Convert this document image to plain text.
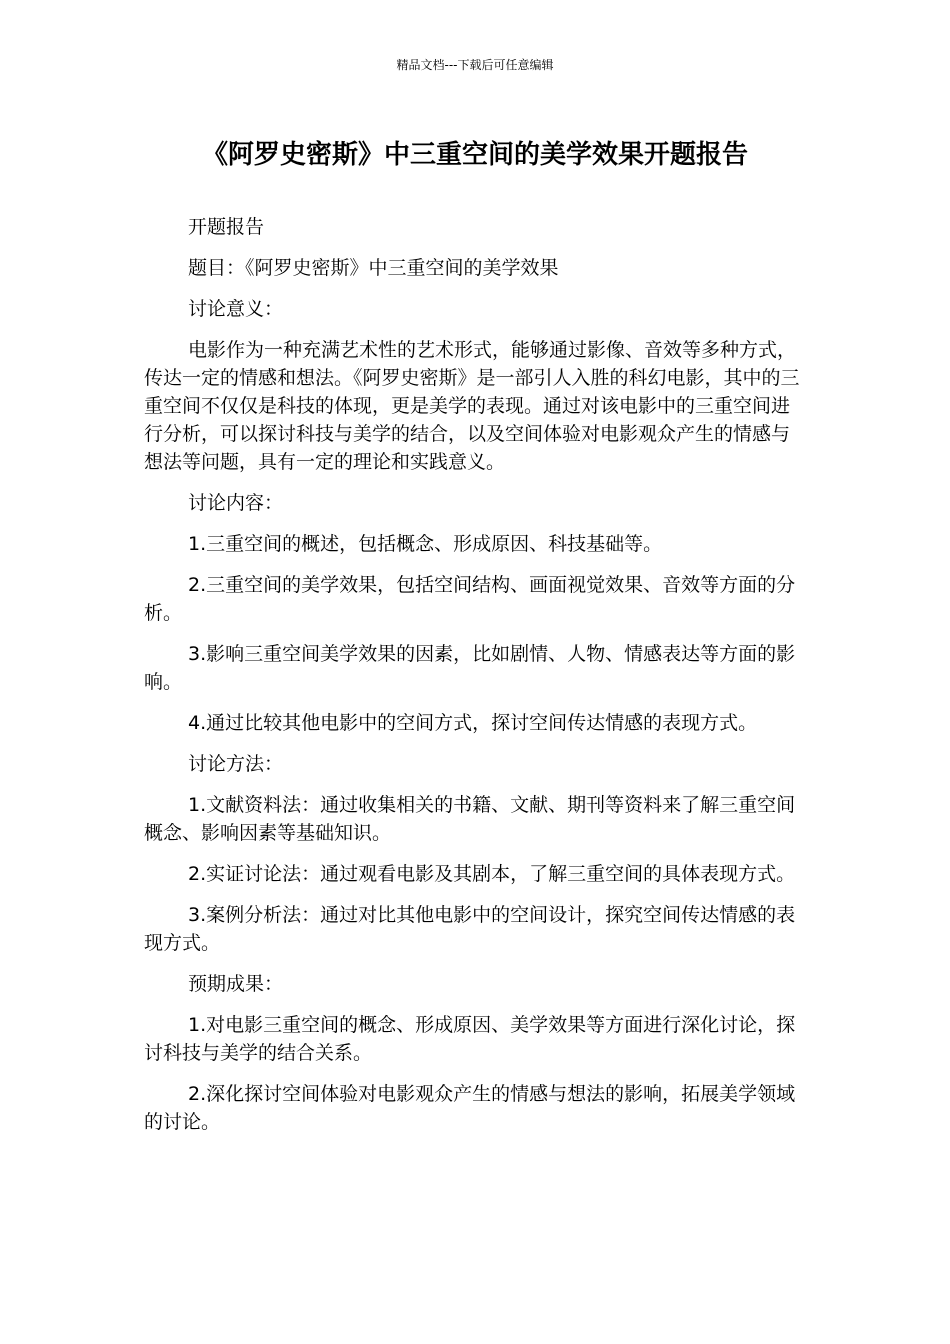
精品文档---下载后可任意编辑
《阿罗史密斯》中三重空间的美学效果开题报告

开题报告

题目：《阿罗史密斯》中三重空间的美学效果

讨论意义：

电影作为一种充满艺术性的艺术形式，能够通过影像、音效等多种方式，传达一定的情感和想法。《阿罗史密斯》是一部引人入胜的科幻电影，其中的三重空间不仅仅是科技的体现，更是美学的表现。通过对该电影中的三重空间进行分析，可以探讨科技与美学的结合，以及空间体验对电影观众产生的情感与想法等问题，具有一定的理论和实践意义。

讨论内容：

1.三重空间的概述，包括概念、形成原因、科技基础等。

2.三重空间的美学效果，包括空间结构、画面视觉效果、音效等方面的分析。

3.影响三重空间美学效果的因素，比如剧情、人物、情感表达等方面的影响。

4.通过比较其他电影中的空间方式，探讨空间传达情感的表现方式。

讨论方法：

1.文献资料法：通过收集相关的书籍、文献、期刊等资料来了解三重空间概念、影响因素等基础知识。

2.实证讨论法：通过观看电影及其剧本，了解三重空间的具体表现方式。

3.案例分析法：通过对比其他电影中的空间设计，探究空间传达情感的表现方式。

预期成果：

1.对电影三重空间的概念、形成原因、美学效果等方面进行深化讨论，探讨科技与美学的结合关系。

2.深化探讨空间体验对电影观众产生的情感与想法的影响，拓展美学领域的讨论。
